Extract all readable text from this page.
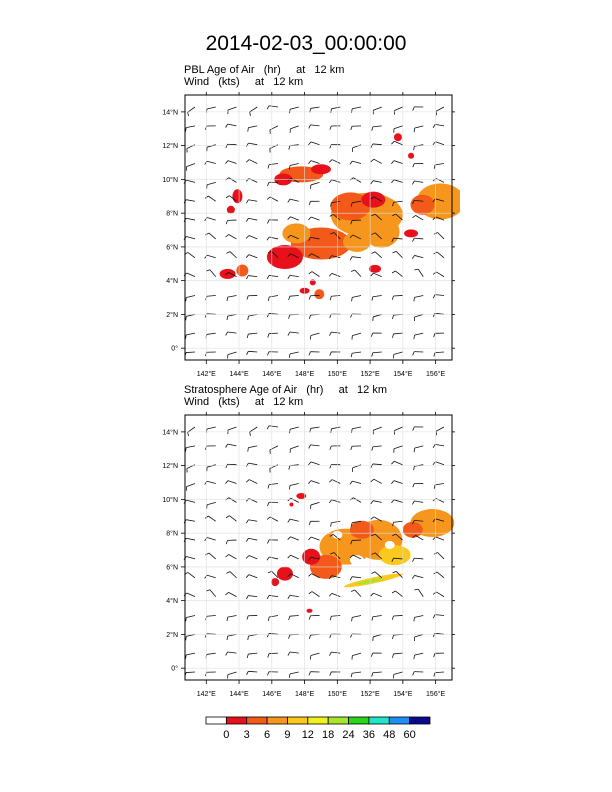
2014-02-03_00:00:00
PBL Age of Air   (hr)     at   12 km
Wind   (kts)     at   12 km
Stratosphere Age of Air   (hr)     at   12 km
Wind   (kts)     at   12 km
142°E 144°E 146°E 148°E 150°E 152°E 154°E 156°E
0°
2°N
4°N
6°N
8°N
10°N
12°N
14°N
142°E 144°E 146°E 148°E 150°E 152°E 154°E 156°E
0°
2°N
4°N
6°N
8°N
10°N
12°N
14°N
0	3	6	9	12 18 24 36 48 60
